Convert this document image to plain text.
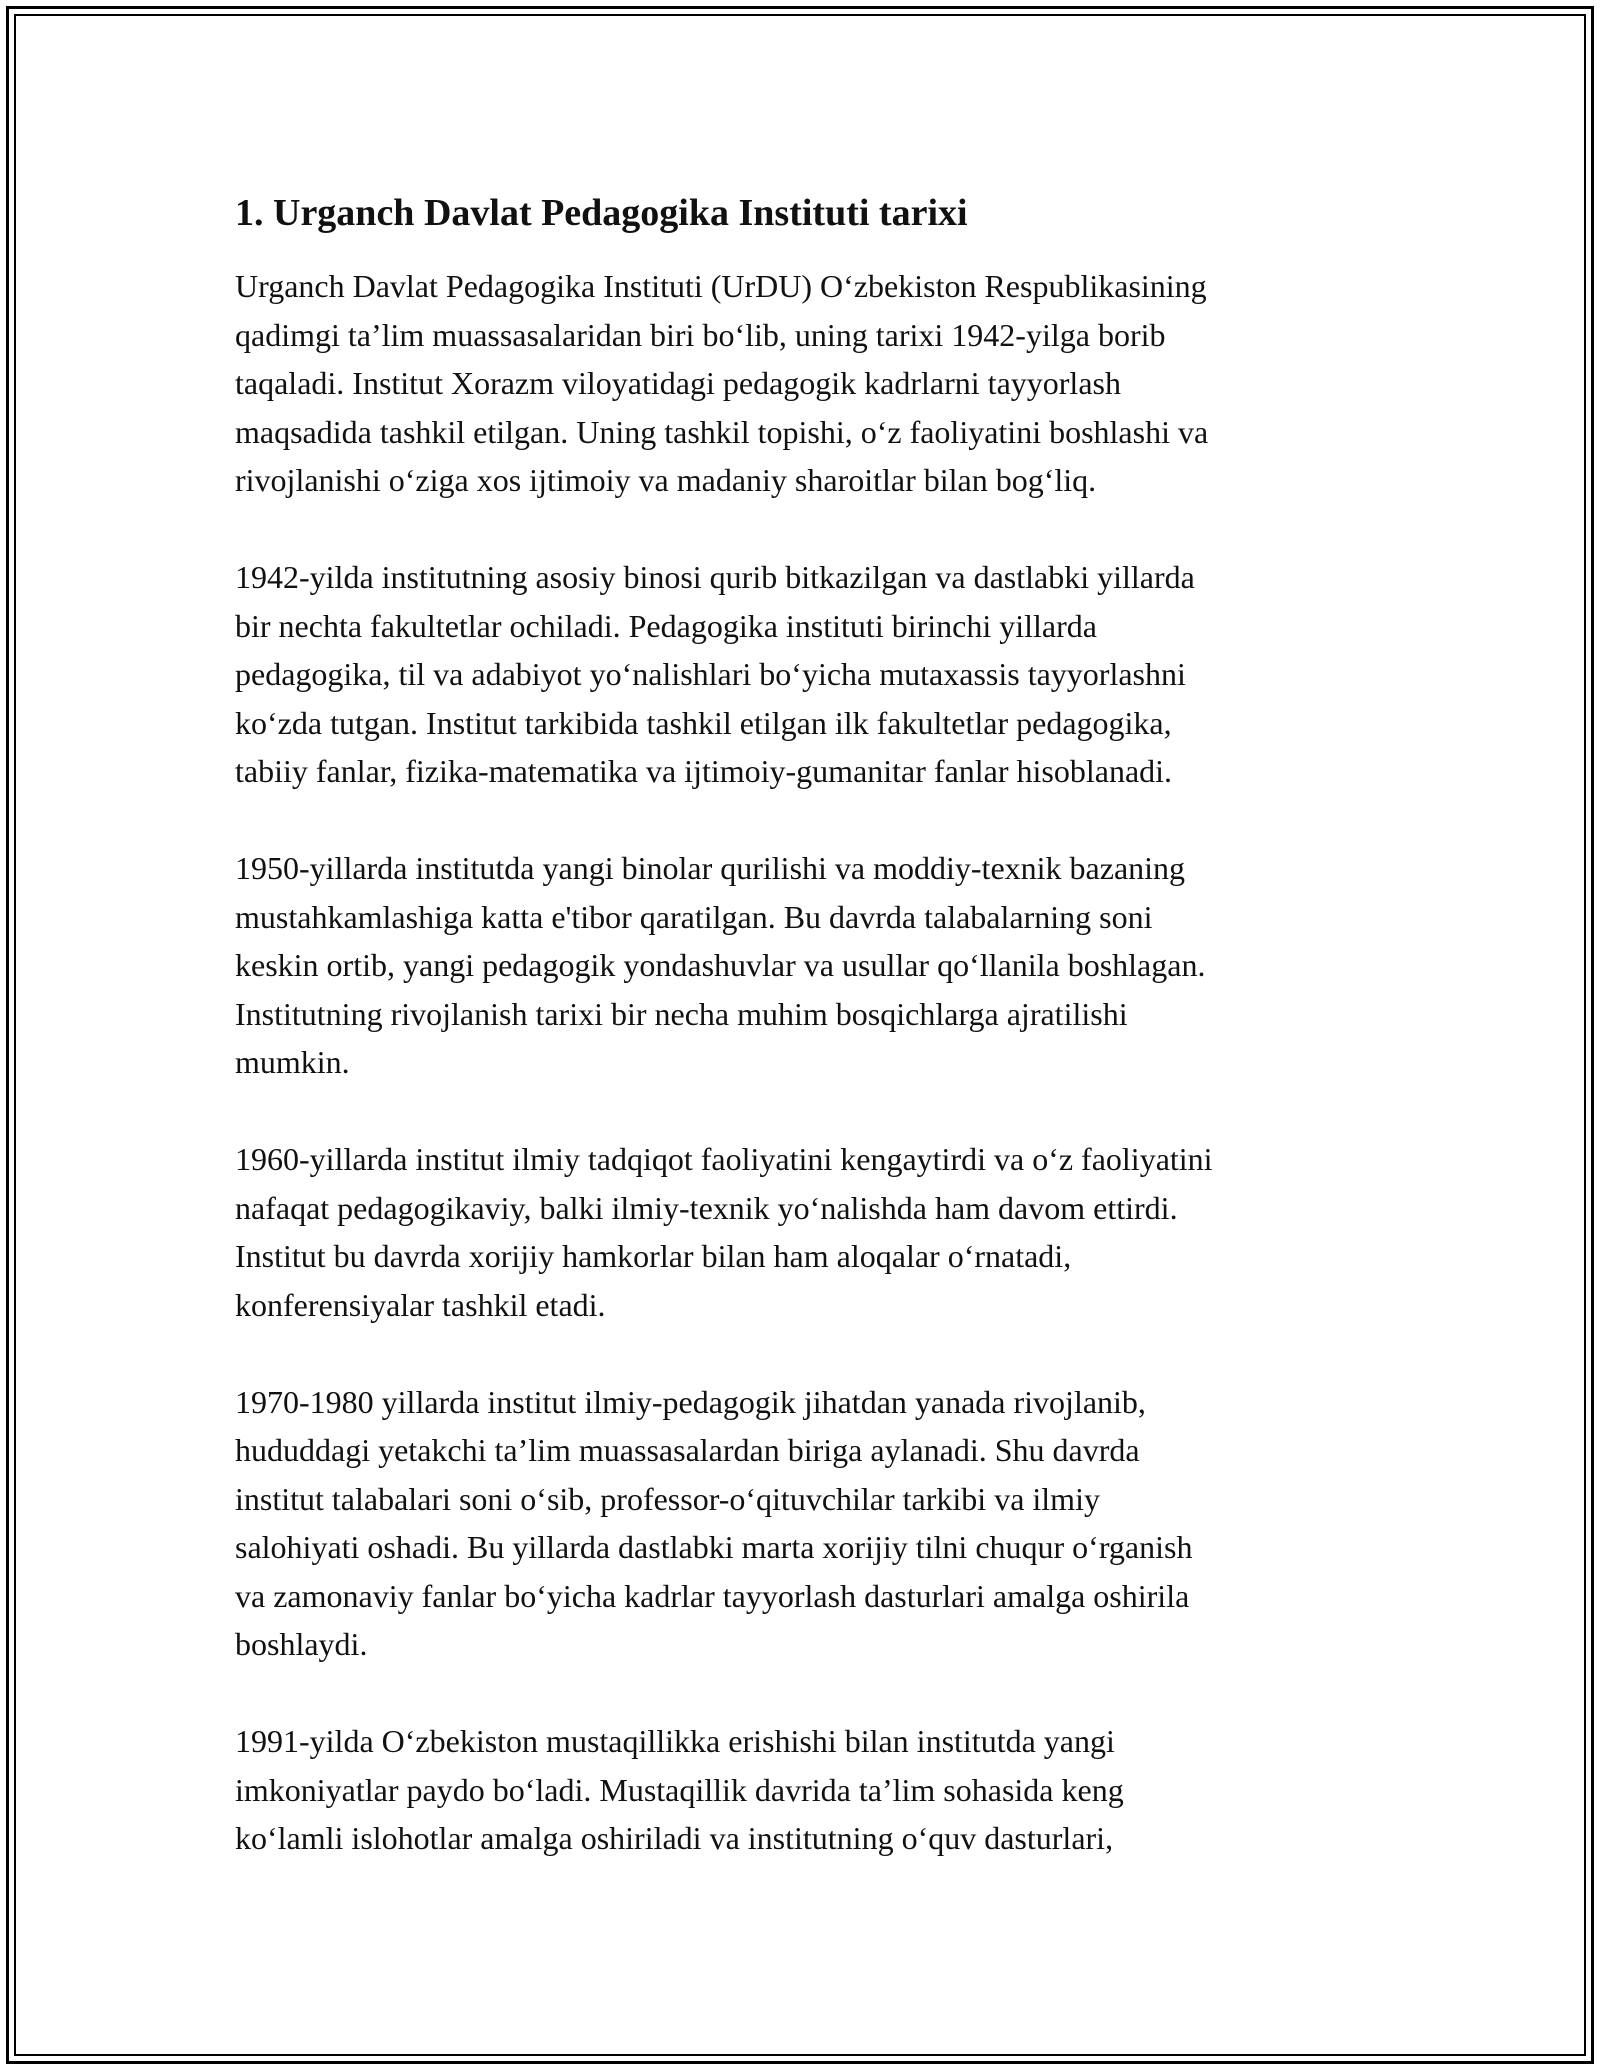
1. Urganch Davlat Pedagogika Instituti tarixi

Urganch Davlat Pedagogika Instituti (UrDU) O‘zbekiston Respublikasining
qadimgi ta’lim muassasalaridan biri bo‘lib, uning tarixi 1942-yilga borib
taqaladi. Institut Xorazm viloyatidagi pedagogik kadrlarni tayyorlash
maqsadida tashkil etilgan. Uning tashkil topishi, o‘z faoliyatini boshlashi va
rivojlanishi o‘ziga xos ijtimoiy va madaniy sharoitlar bilan bog‘liq.

1942-yilda institutning asosiy binosi qurib bitkazilgan va dastlabki yillarda
bir nechta fakultetlar ochiladi. Pedagogika instituti birinchi yillarda
pedagogika, til va adabiyot yo‘nalishlari bo‘yicha mutaxassis tayyorlashni
ko‘zda tutgan. Institut tarkibida tashkil etilgan ilk fakultetlar pedagogika,
tabiiy fanlar, fizika-matematika va ijtimoiy-gumanitar fanlar hisoblanadi.

1950-yillarda institutda yangi binolar qurilishi va moddiy-texnik bazaning
mustahkamlashiga katta e'tibor qaratilgan. Bu davrda talabalarning soni
keskin ortib, yangi pedagogik yondashuvlar va usullar qo‘llanila boshlagan.
Institutning rivojlanish tarixi bir necha muhim bosqichlarga ajratilishi
mumkin.

1960-yillarda institut ilmiy tadqiqot faoliyatini kengaytirdi va o‘z faoliyatini
nafaqat pedagogikaviy, balki ilmiy-texnik yo‘nalishda ham davom ettirdi.
Institut bu davrda xorijiy hamkorlar bilan ham aloqalar o‘rnatadi,
konferensiyalar tashkil etadi.

1970-1980 yillarda institut ilmiy-pedagogik jihatdan yanada rivojlanib,
hududdagi yetakchi ta’lim muassasalardan biriga aylanadi. Shu davrda
institut talabalari soni o‘sib, professor-o‘qituvchilar tarkibi va ilmiy
salohiyati oshadi. Bu yillarda dastlabki marta xorijiy tilni chuqur o‘rganish
va zamonaviy fanlar bo‘yicha kadrlar tayyorlash dasturlari amalga oshirila
boshlaydi.

1991-yilda O‘zbekiston mustaqillikka erishishi bilan institutda yangi
imkoniyatlar paydo bo‘ladi. Mustaqillik davrida ta’lim sohasida keng
ko‘lamli islohotlar amalga oshiriladi va institutning o‘quv dasturlari,
